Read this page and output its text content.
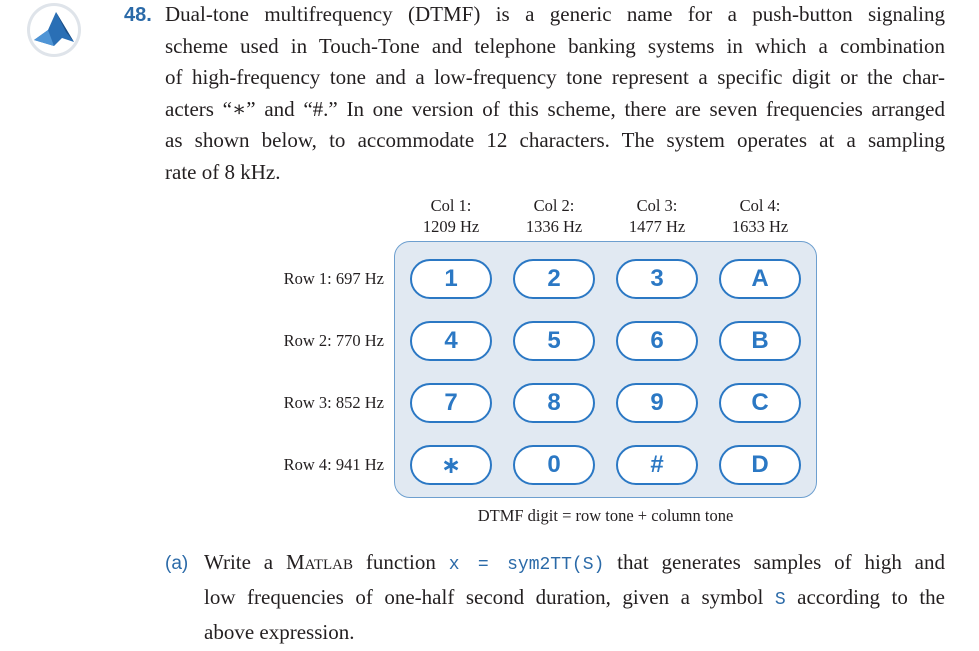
48. Dual-tone multifrequency (DTMF) is a generic name for a push-button signaling
scheme used in Touch-Tone and telephone banking systems in which a combination
of high-frequency tone and a low-frequency tone represent a specific digit or the char-
acters “∗” and “#.” In one version of this scheme, there are seven frequencies arranged
as shown below, to accommodate 12 characters. The system operates at a sampling
rate of 8 kHz.

Col 1:
1209 Hz
Col 2:
1336 Hz
Col 3:
1477 Hz
Col 4:
1633 Hz
Row 1: 697 Hz
Row 2: 770 Hz
Row 3: 852 Hz
Row 4: 941 Hz
1	2	3	A
4	5	6	B
7	8	9	C
∗	0	#	D
DTMF digit = row tone + column tone
(a) Write a Matlab function x = sym2TT(S) that generates samples of high and
low frequencies of one-half second duration, given a symbol S according to the
above expression.
